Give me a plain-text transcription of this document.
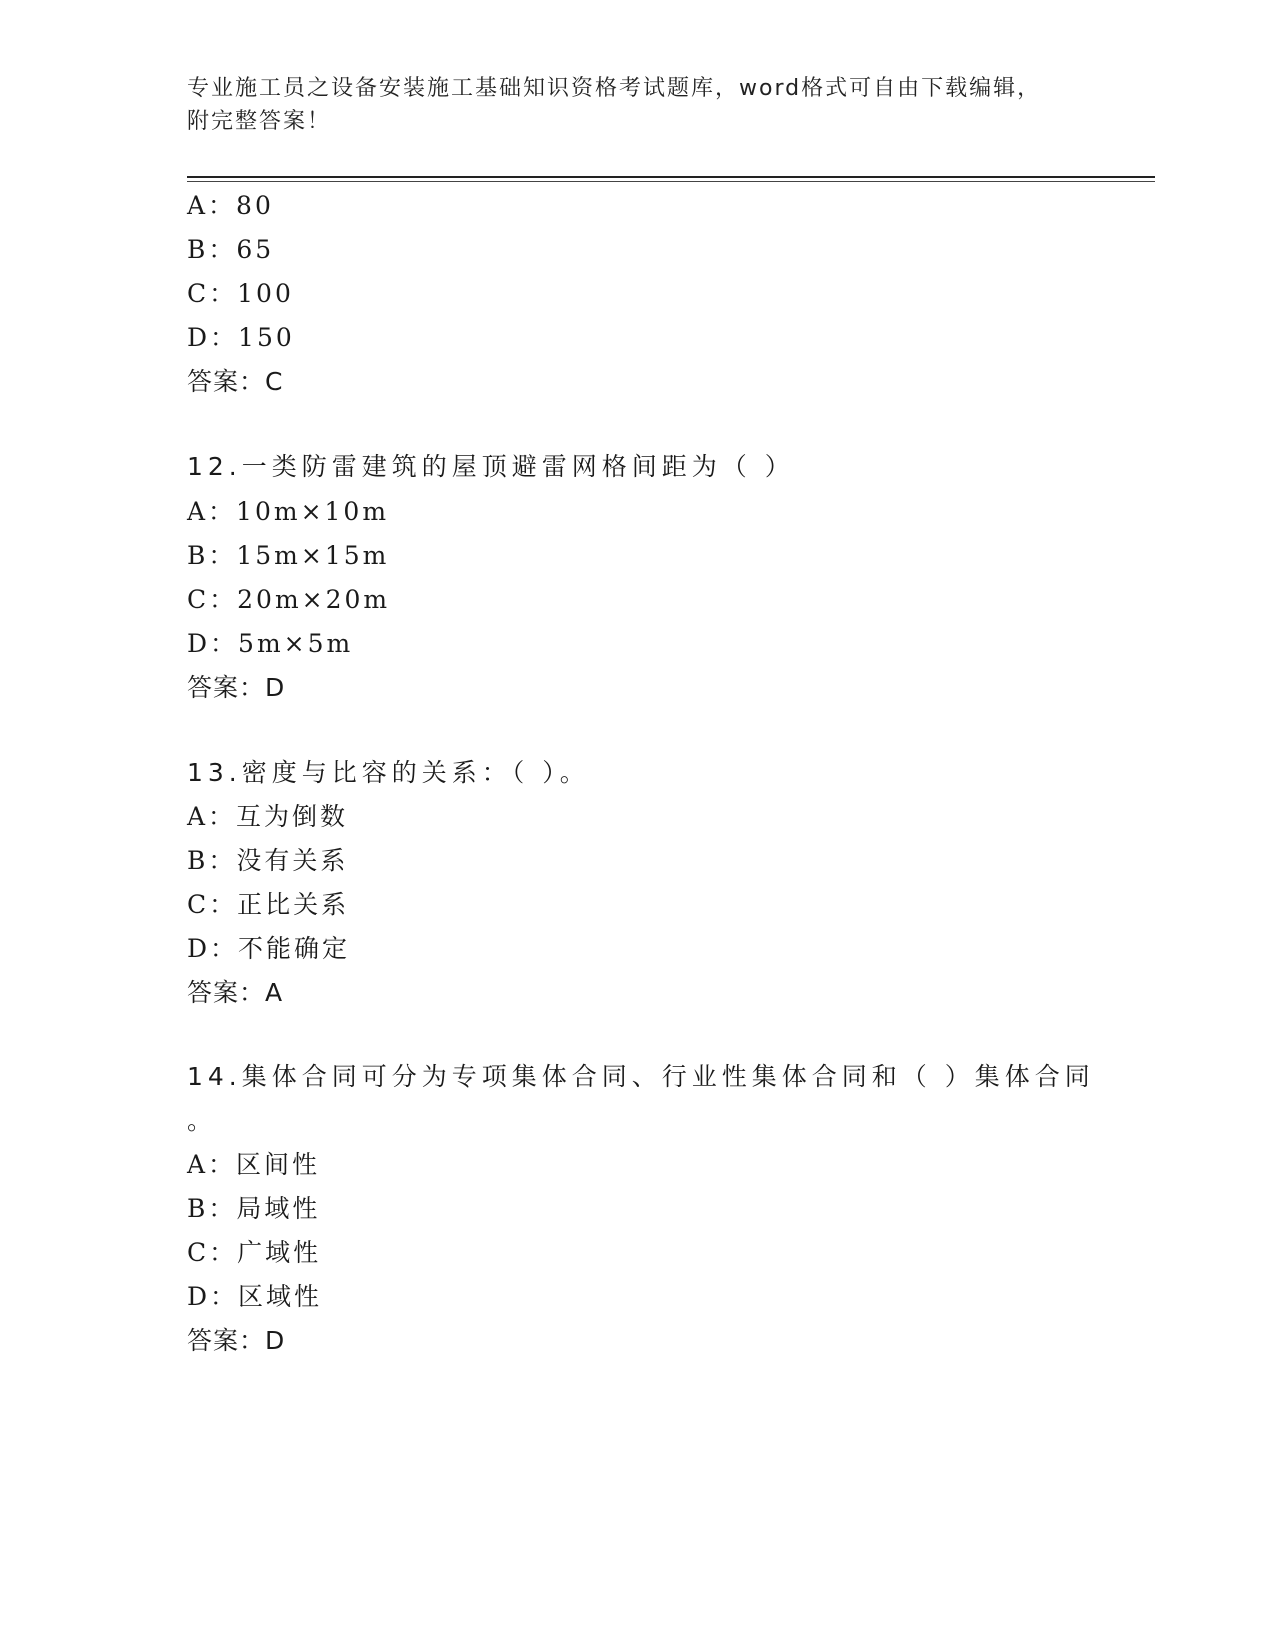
专业施工员之设备安装施工基础知识资格考试题库，word格式可自由下载编辑，
附完整答案！
A：80
B：65
C：100
D：150
答案：C
12.一类防雷建筑的屋顶避雷网格间距为（ ）
A：10m×10m
B：15m×15m
C：20m×20m
D：5m×5m
答案：D
13.密度与比容的关系：（ ）。
A：互为倒数
B：没有关系
C：正比关系
D：不能确定
答案：A
14.集体合同可分为专项集体合同、行业性集体合同和（ ）集体合同
。
A：区间性
B：局域性
C：广域性
D：区域性
答案：D
